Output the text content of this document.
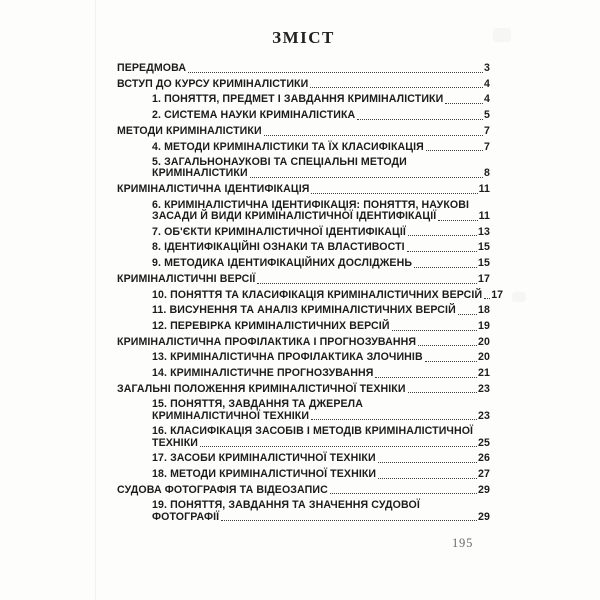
ЗМІСТ
ПЕРЕДМОВА	3
ВСТУП ДО КУРСУ КРИМІНАЛІСТИКИ	4
1. ПОНЯТТЯ, ПРЕДМЕТ І ЗАВДАННЯ КРИМІНАЛІСТИКИ	4
2. СИСТЕМА НАУКИ КРИМІНАЛІСТИКА	5
МЕТОДИ КРИМІНАЛІСТИКИ	7
4. МЕТОДИ КРИМІНАЛІСТИКИ ТА ЇХ КЛАСИФІКАЦІЯ	7
5. ЗАГАЛЬНОНАУКОВІ ТА СПЕЦІАЛЬНІ МЕТОДИ
КРИМІНАЛІСТИКИ	8
КРИМІНАЛІСТИЧНА ІДЕНТИФІКАЦІЯ	11
6. КРИМІНАЛІСТИЧНА ІДЕНТИФІКАЦІЯ: ПОНЯТТЯ, НАУКОВІ
ЗАСАДИ Й ВИДИ КРИМІНАЛІСТИЧНОЇ ІДЕНТИФІКАЦІЇ	11
7. ОБ'ЄКТИ КРИМІНАЛІСТИЧНОЇ ІДЕНТИФІКАЦІЇ	13
8. ІДЕНТИФІКАЦІЙНІ ОЗНАКИ ТА ВЛАСТИВОСТІ	15
9. МЕТОДИКА ІДЕНТИФІКАЦІЙНИХ ДОСЛІДЖЕНЬ	15
КРИМІНАЛІСТИЧНІ ВЕРСІЇ	17
10. ПОНЯТТЯ ТА КЛАСИФІКАЦІЯ КРИМІНАЛІСТИЧНИХ ВЕРСІЙ 17
11. ВИСУНЕННЯ ТА АНАЛІЗ КРИМІНАЛІСТИЧНИХ ВЕРСІЙ 18
12. ПЕРЕВІРКА КРИМІНАЛІСТИЧНИХ ВЕРСІЙ	19
КРИМІНАЛІСТИЧНА ПРОФІЛАКТИКА І ПРОГНОЗУВАННЯ	20
13. КРИМІНАЛІСТИЧНА ПРОФІЛАКТИКА ЗЛОЧИНІВ	20
14. КРИМІНАЛІСТИЧНЕ ПРОГНОЗУВАННЯ	21
ЗАГАЛЬНІ ПОЛОЖЕННЯ КРИМІНАЛІСТИЧНОЇ ТЕХНІКИ	23
15. ПОНЯТТЯ, ЗАВДАННЯ ТА ДЖЕРЕЛА
КРИМІНАЛІСТИЧНОЇ ТЕХНІКИ	23
16. КЛАСИФІКАЦІЯ ЗАСОБІВ І МЕТОДІВ КРИМІНАЛІСТИЧНОЇ
ТЕХНІКИ	25
17. ЗАСОБИ КРИМІНАЛІСТИЧНОЇ ТЕХНІКИ	26
18. МЕТОДИ КРИМІНАЛІСТИЧНОЇ ТЕХНІКИ	27
СУДОВА ФОТОГРАФІЯ ТА ВІДЕОЗАПИС	29
19. ПОНЯТТЯ, ЗАВДАННЯ ТА ЗНАЧЕННЯ СУДОВОЇ
ФОТОГРАФІЇ	29
195
